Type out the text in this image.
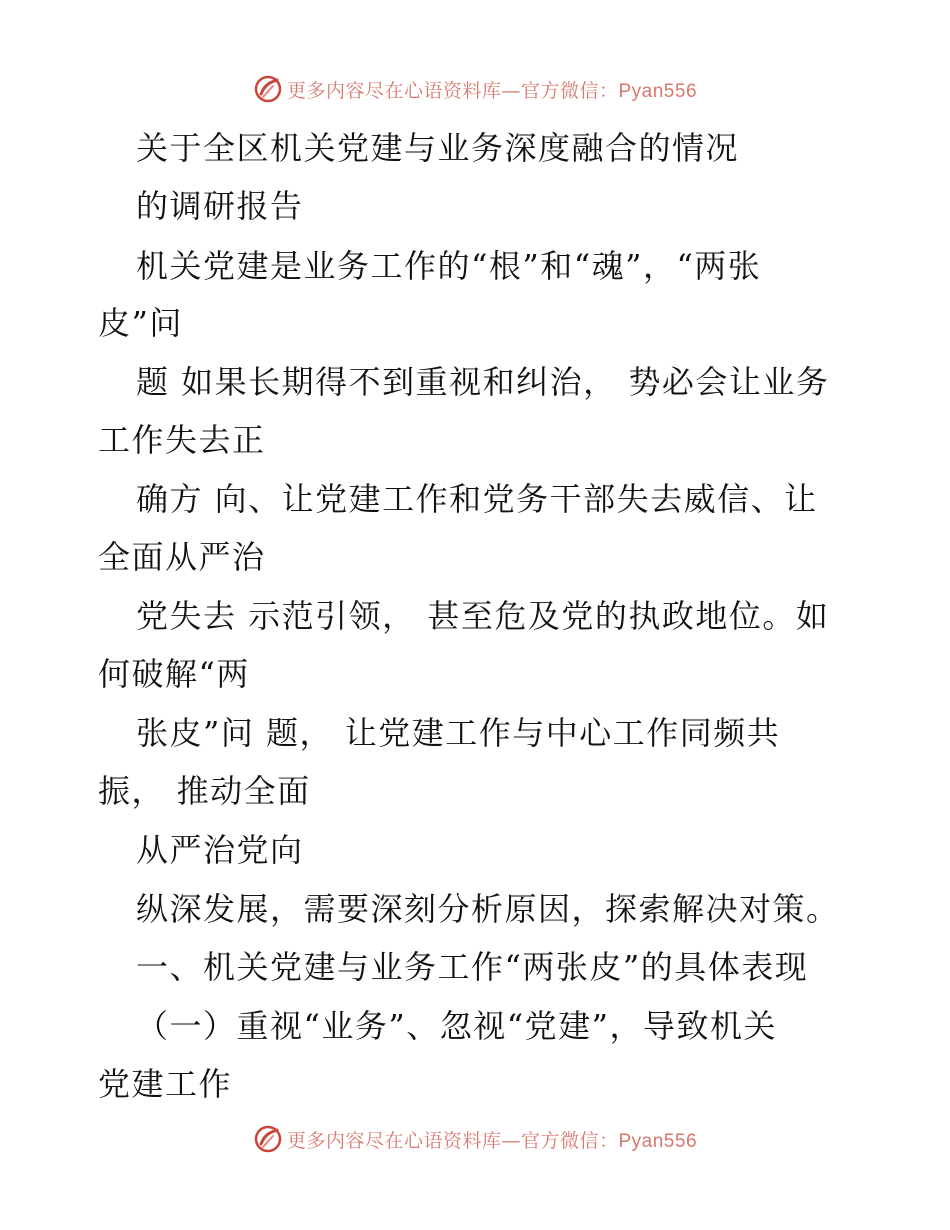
更多内容尽在心语资料库—官方微信：Pyan556
关于全区机关党建与业务深度融合的情况
的调研报告
机关党建是业务工作的“根”和“魂”，“两张
皮”问
题 如果长期得不到重视和纠治， 势必会让业务
工作失去正
确方 向、让党建工作和党务干部失去威信、让
全面从严治
党失去 示范引领， 甚至危及党的执政地位。如
何破解“两
张皮”问 题， 让党建工作与中心工作同频共
振， 推动全面
从严治党向
纵深发展，需要深刻分析原因，探索解决对策。
一、机关党建与业务工作“两张皮”的具体表现
（一）重视“业务”、忽视“党建”，导致机关
党建工作
更多内容尽在心语资料库—官方微信：Pyan556
